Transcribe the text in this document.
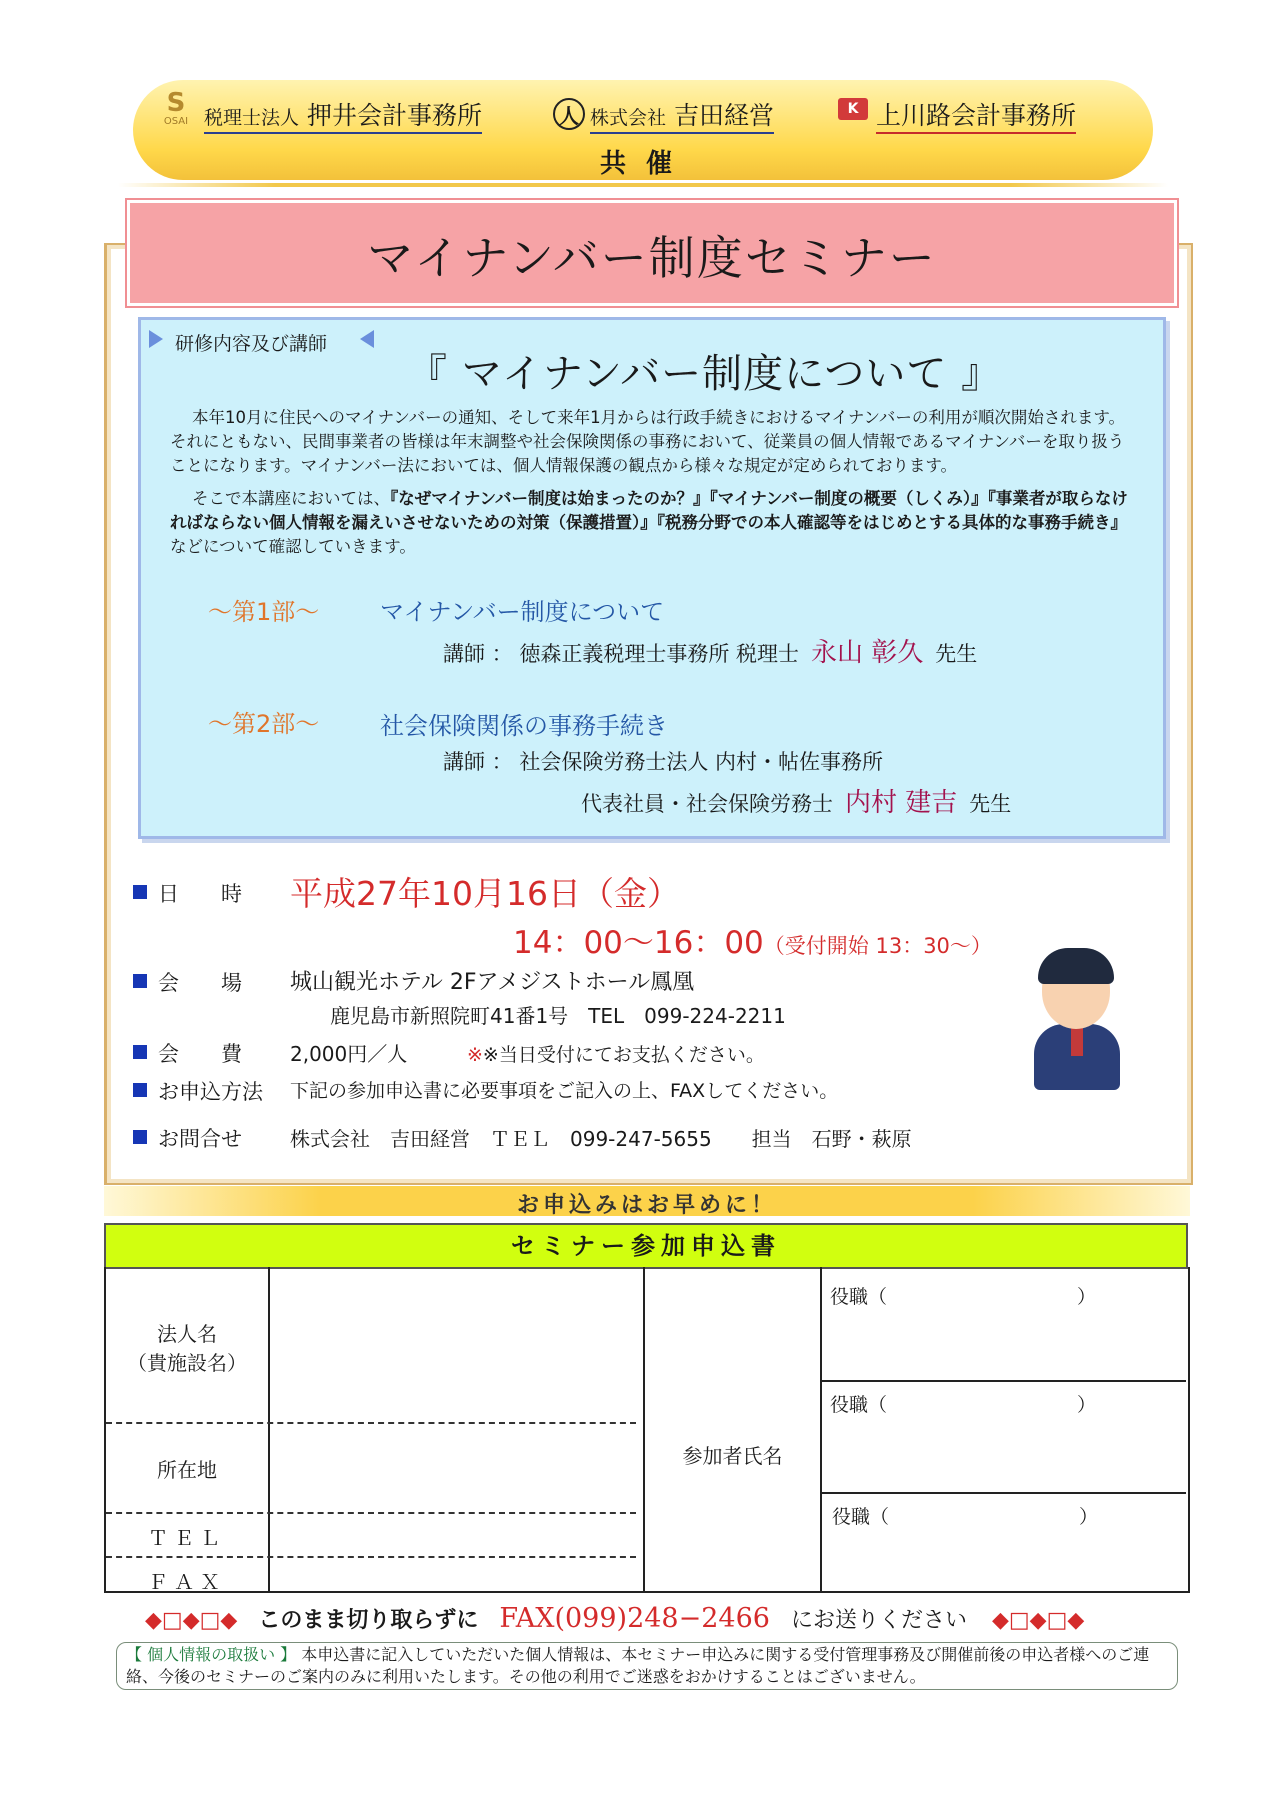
S
OSAI 税理士法人 押井会計事務所
人	株式会社 吉田経営	K 上川路会計事務所
共催
マイナンバー制度セミナー
研修内容及び講師
『 マイナンバー制度について 』
本年10月に住民へのマイナンバーの通知、そして来年1月からは行政手続きにおけるマイナンバーの利用が順次開始されます。それにともない、民間事業者の皆様は年末調整や社会保険関係の事務において、従業員の個人情報であるマイナンバーを取り扱うことになります。マイナンバー法においては、個人情報保護の観点から様々な規定が定められております。
そこで本講座においては、『なぜマイナンバー制度は始まったのか？』『マイナンバー制度の概要（しくみ）』『事業者が取らなければならない個人情報を漏えいさせないための対策（保護措置）』『税務分野での本人確認等をはじめとする具体的な事務手続き』などについて確認していきます。
～第1部～	マイナンバー制度について
講師 ： 徳森正義税理士事務所 税理士 永山 彰久 先生
～第2部～	社会保険関係の事務手続き
講師 ： 社会保険労務士法人 内村・帖佐事務所
代表社員・社会保険労務士 内村 建吉 先生
日　　時 平成27年10月16日（金）
14：00～16：00（受付開始 13：30～）
会　　場 城山観光ホテル 2Fアメジストホール鳳凰
鹿児島市新照院町41番1号　TEL　099-224-2211
会　　費 2,000円／人	※※当日受付にてお支払ください。
お申込方法 下記の参加申込書に必要事項をご記入の上、FAXしてください。
お問合せ 株式会社　吉田経営　ＴＥＬ　099-247-5655　　担当　石野・萩原
お申込みはお早めに！
セミナー参加申込書
法人名
（貴施設名）
所在地
ＴＥＬ
ＦＡＸ
参加者氏名
役職（　　　　　　　　　　）
役職（　　　　　　　　　　）
役職（　　　　　　　　　　）
◆□◆□◆ このまま切り取らずに FAX(099)248−2466 にお送りください ◆□◆□◆
【 個人情報の取扱い 】 本申込書に記入していただいた個人情報は、本セミナー申込みに関する受付管理事務及び開催前後の申込者様へのご連絡、今後のセミナーのご案内のみに利用いたします。その他の利用でご迷惑をおかけすることはございません。
